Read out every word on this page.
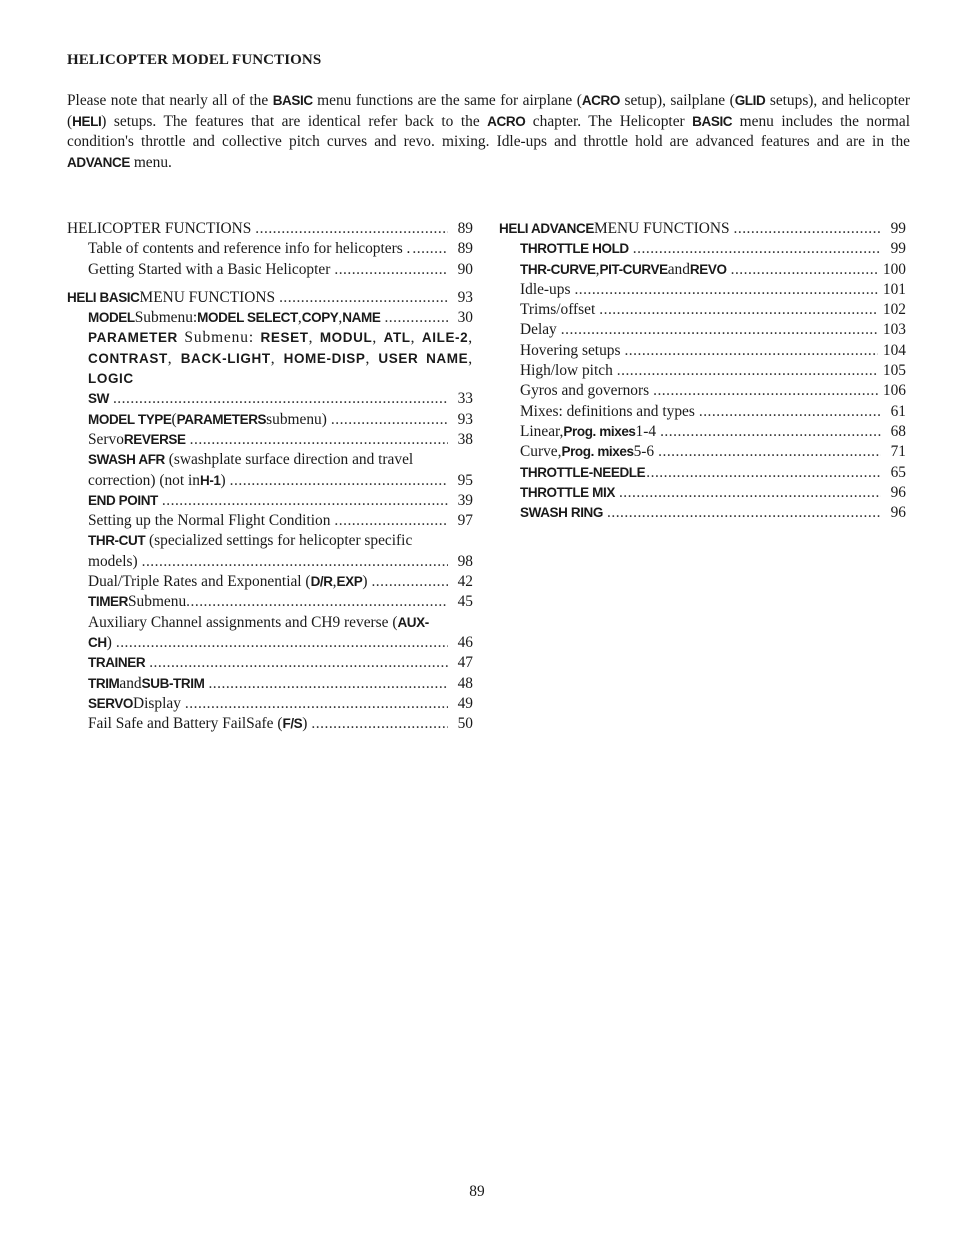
HELICOPTER MODEL FUNCTIONS

Please note that nearly all of the BASIC menu functions are the same for airplane (ACRO setup), sailplane (GLID setups), and helicopter (HELI) setups. The features that are identical refer back to the ACRO chapter. The Helicopter BASIC menu includes the normal condition's throttle and collective pitch curves and revo. mixing. Idle-ups and throttle hold are advanced features and are in the ADVANCE menu.

HELICOPTER FUNCTIONS .....	89
Table of contents and reference info for helicopters . .....	89
Getting Started with a Basic Helicopter .....	90
HELI BASIC MENU FUNCTIONS .....	93
MODEL Submenu: MODEL SELECT , COPY , NAME .....	30
PARAMETER Submenu: RESET, MODUL, ATL, AILE-2, CONTRAST, BACK-LIGHT, HOME-DISP, USER NAME, LOGIC
SW .....	33
MODEL TYPE ( PARAMETERS submenu) .....	93
Servo REVERSE .....	38
SWASH AFR (swashplate surface direction and travel
correction) (not in H-1 ) .....	95
END POINT .....	39
Setting up the Normal Flight Condition .....	97
THR-CUT (specialized settings for helicopter specific
models) .....	98
Dual/Triple Rates and Exponential ( D/R , EXP ) .....	42
TIMER Submenu .....	45
Auxiliary Channel assignments and CH9 reverse (AUX-
CH ) .....	46
TRAINER .....	47
TRIM and SUB-TRIM .....	48
SERVO Display .....	49
Fail Safe and Battery FailSafe ( F/S ) .....	50
HELI ADVANCE MENU FUNCTIONS .....	99
THROTTLE HOLD .....	99
THR-CURVE , PIT-CURVE and REVO .....	100
Idle-ups .....	101
Trims/offset .....	102
Delay .....	103
Hovering setups .....	104
High/low pitch .....	105
Gyros and governors .....	106
Mixes: definitions and types .....	61
Linear, Prog. mixes 1-4 .....	68
Curve, Prog. mixes 5-6 .....	71
THROTTLE-NEEDLE .....	65
THROTTLE MIX .....	96
SWASH RING .....	96
89
